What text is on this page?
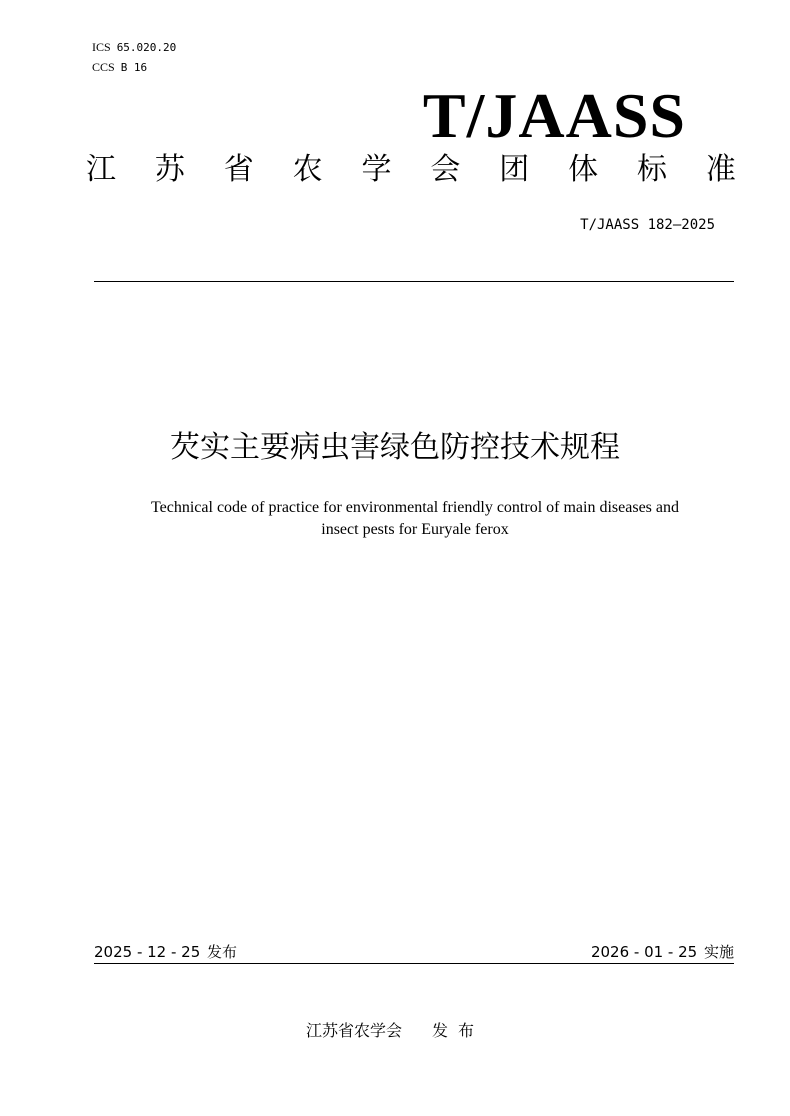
ICS 65.020.20
CCS B 16
T/JAASS
江 苏 省 农 学 会 团 体 标 准
T/JAASS 182—2025
芡实主要病虫害绿色防控技术规程
Technical code of practice for environmental friendly control of main diseases and
insect pests for Euryale ferox
2025 - 12 - 25 发布	2026 - 01 - 25 实施
江苏省农学会 发布
